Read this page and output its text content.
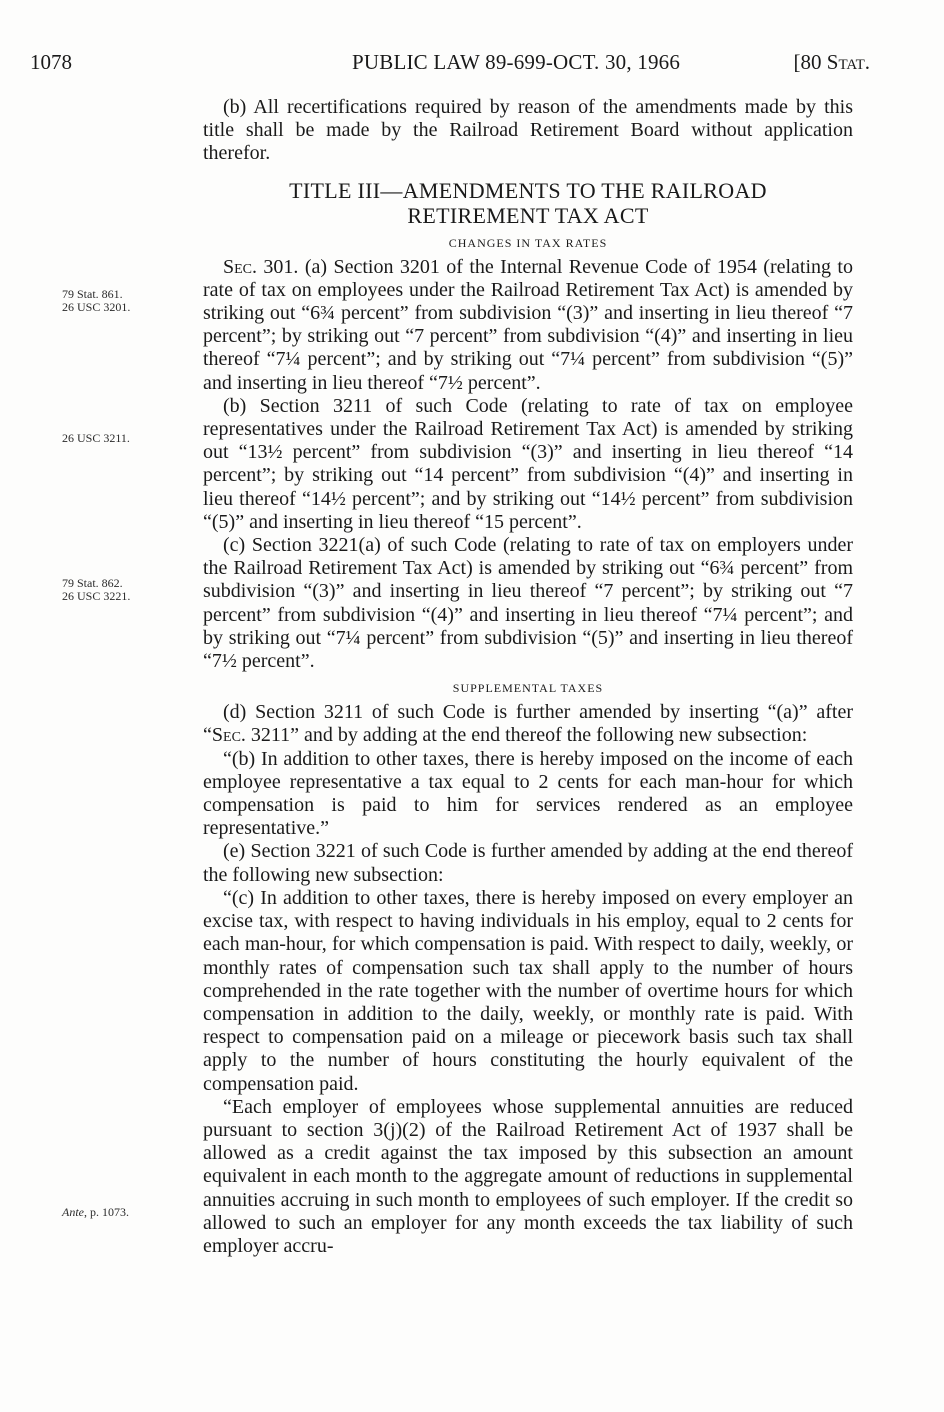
1078	PUBLIC LAW 89-699-OCT. 30, 1966	[80 Stat.
79 Stat. 861.
26 USC 3201.
26 USC 3211.
79 Stat. 862.
26 USC 3221.
Ante, p. 1073.

(b) All recertifications required by reason of the amendments made by this title shall be made by the Railroad Retirement Board without application therefor.

TITLE III—AMENDMENTS TO THE RAILROAD
RETIREMENT TAX ACT
CHANGES IN TAX RATES

Sec. 301. (a) Section 3201 of the Internal Revenue Code of 1954 (relating to rate of tax on employees under the Railroad Retirement Tax Act) is amended by striking out “6¾ percent” from subdivision “(3)” and inserting in lieu thereof “7 percent”; by striking out “7 percent” from subdivision “(4)” and inserting in lieu thereof “7¼ percent”; and by striking out “7¼ percent” from subdivision “(5)” and inserting in lieu thereof “7½ percent”.

(b) Section 3211 of such Code (relating to rate of tax on employee representatives under the Railroad Retirement Tax Act) is amended by striking out “13½ percent” from subdivision “(3)” and inserting in lieu thereof “14 percent”; by striking out “14 percent” from subdivision “(4)” and inserting in lieu thereof “14½ percent”; and by striking out “14½ percent” from subdivision “(5)” and inserting in lieu thereof “15 percent”.

(c) Section 3221(a) of such Code (relating to rate of tax on employers under the Railroad Retirement Tax Act) is amended by striking out “6¾ percent” from subdivision “(3)” and inserting in lieu thereof “7 percent”; by striking out “7 percent” from subdivision “(4)” and inserting in lieu thereof “7¼ percent”; and by striking out “7¼ percent” from subdivision “(5)” and inserting in lieu thereof “7½ percent”.

SUPPLEMENTAL TAXES

(d) Section 3211 of such Code is further amended by inserting “(a)” after “Sec. 3211” and by adding at the end thereof the following new subsection:

“(b) In addition to other taxes, there is hereby imposed on the income of each employee representative a tax equal to 2 cents for each man-hour for which compensation is paid to him for services rendered as an employee representative.”

(e) Section 3221 of such Code is further amended by adding at the end thereof the following new subsection:

“(c) In addition to other taxes, there is hereby imposed on every employer an excise tax, with respect to having individuals in his employ, equal to 2 cents for each man-hour, for which compensation is paid. With respect to daily, weekly, or monthly rates of compensation such tax shall apply to the number of hours comprehended in the rate together with the number of overtime hours for which compensation in addition to the daily, weekly, or monthly rate is paid. With respect to compensation paid on a mileage or piecework basis such tax shall apply to the number of hours constituting the hourly equivalent of the compensation paid.

“Each employer of employees whose supplemental annuities are reduced pursuant to section 3(j)(2) of the Railroad Retirement Act of 1937 shall be allowed as a credit against the tax imposed by this subsection an amount equivalent in each month to the aggregate amount of reductions in supplemental annuities accruing in such month to employees of such employer. If the credit so allowed to such an employer for any month exceeds the tax liability of such employer accru-
